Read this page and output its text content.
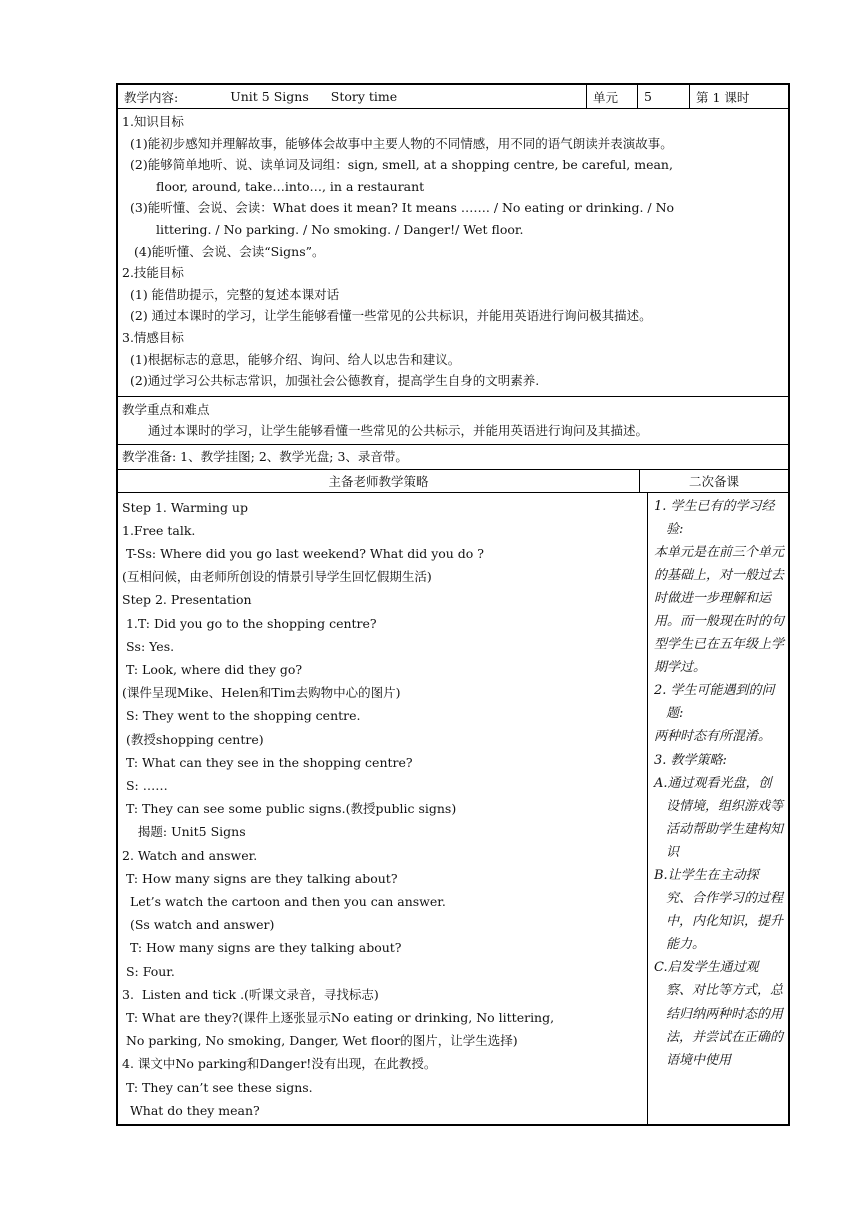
教学内容:	Unit 5 Signs Story time	单元	5	第 1 课时

1.知识目标

(1)能初步感知并理解故事，能够体会故事中主要人物的不同情感，用不同的语气朗读并表演故事。

(2)能够简单地听、说、读单词及词组：sign, smell, at a shopping centre, be careful, mean,

floor, around, take…into…, in a restaurant

(3)能听懂、会说、会读：What does it mean? It means ……. / No eating or drinking. / No

littering. / No parking. / No smoking. / Danger!/ Wet floor.

(4)能听懂、会说、会读“Signs”。

2.技能目标

(1) 能借助提示，完整的复述本课对话

(2) 通过本课时的学习，让学生能够看懂一些常见的公共标识，并能用英语进行询问极其描述。

3.情感目标

(1)根据标志的意思，能够介绍、询问、给人以忠告和建议。

(2)通过学习公共标志常识，加强社会公德教育，提高学生自身的文明素养.

教学重点和难点

通过本课时的学习，让学生能够看懂一些常见的公共标示，并能用英语进行询问及其描述。

教学准备: 1、教学挂图; 2、教学光盘; 3、录音带。

主备老师教学策略	二次备课

Step 1. Warming up

1.Free talk.

T-Ss: Where did you go last weekend? What did you do ?

(互相问候，由老师所创设的情景引导学生回忆假期生活)

Step 2. Presentation

1.T: Did you go to the shopping centre?

Ss: Yes.

T: Look, where did they go?

(课件呈现Mike、Helen和Tim去购物中心的图片)

S: They went to the shopping centre.

(教授shopping centre)

T: What can they see in the shopping centre?

S: ……

T: They can see some public signs.(教授public signs)

揭题: Unit5 Signs

2. Watch and answer.

T: How many signs are they talking about?

Let’s watch the cartoon and then you can answer.

(Ss watch and answer)

T: How many signs are they talking about?

S: Four.

3.  Listen and tick .(听课文录音，寻找标志)

T: What are they?(课件上逐张显示No eating or drinking, No littering,

No parking, No smoking, Danger, Wet floor的图片，让学生选择)

4. 课文中No parking和Danger!没有出现，在此教授。

T: They can’t see these signs.

What do they mean?

1. 学生已有的学习经验:

本单元是在前三个单元的基础上，对一般过去时做进一步理解和运用。而一般现在时的句型学生已在五年级上学期学过。

2. 学生可能遇到的问题:

两种时态有所混淆。

3. 教学策略:

A.通过观看光盘，创设情境，组织游戏等活动帮助学生建构知识

B.让学生在主动探究、合作学习的过程中，内化知识，提升能力。

C.启发学生通过观察、对比等方式，总结归纳两种时态的用法，并尝试在正确的语境中使用
